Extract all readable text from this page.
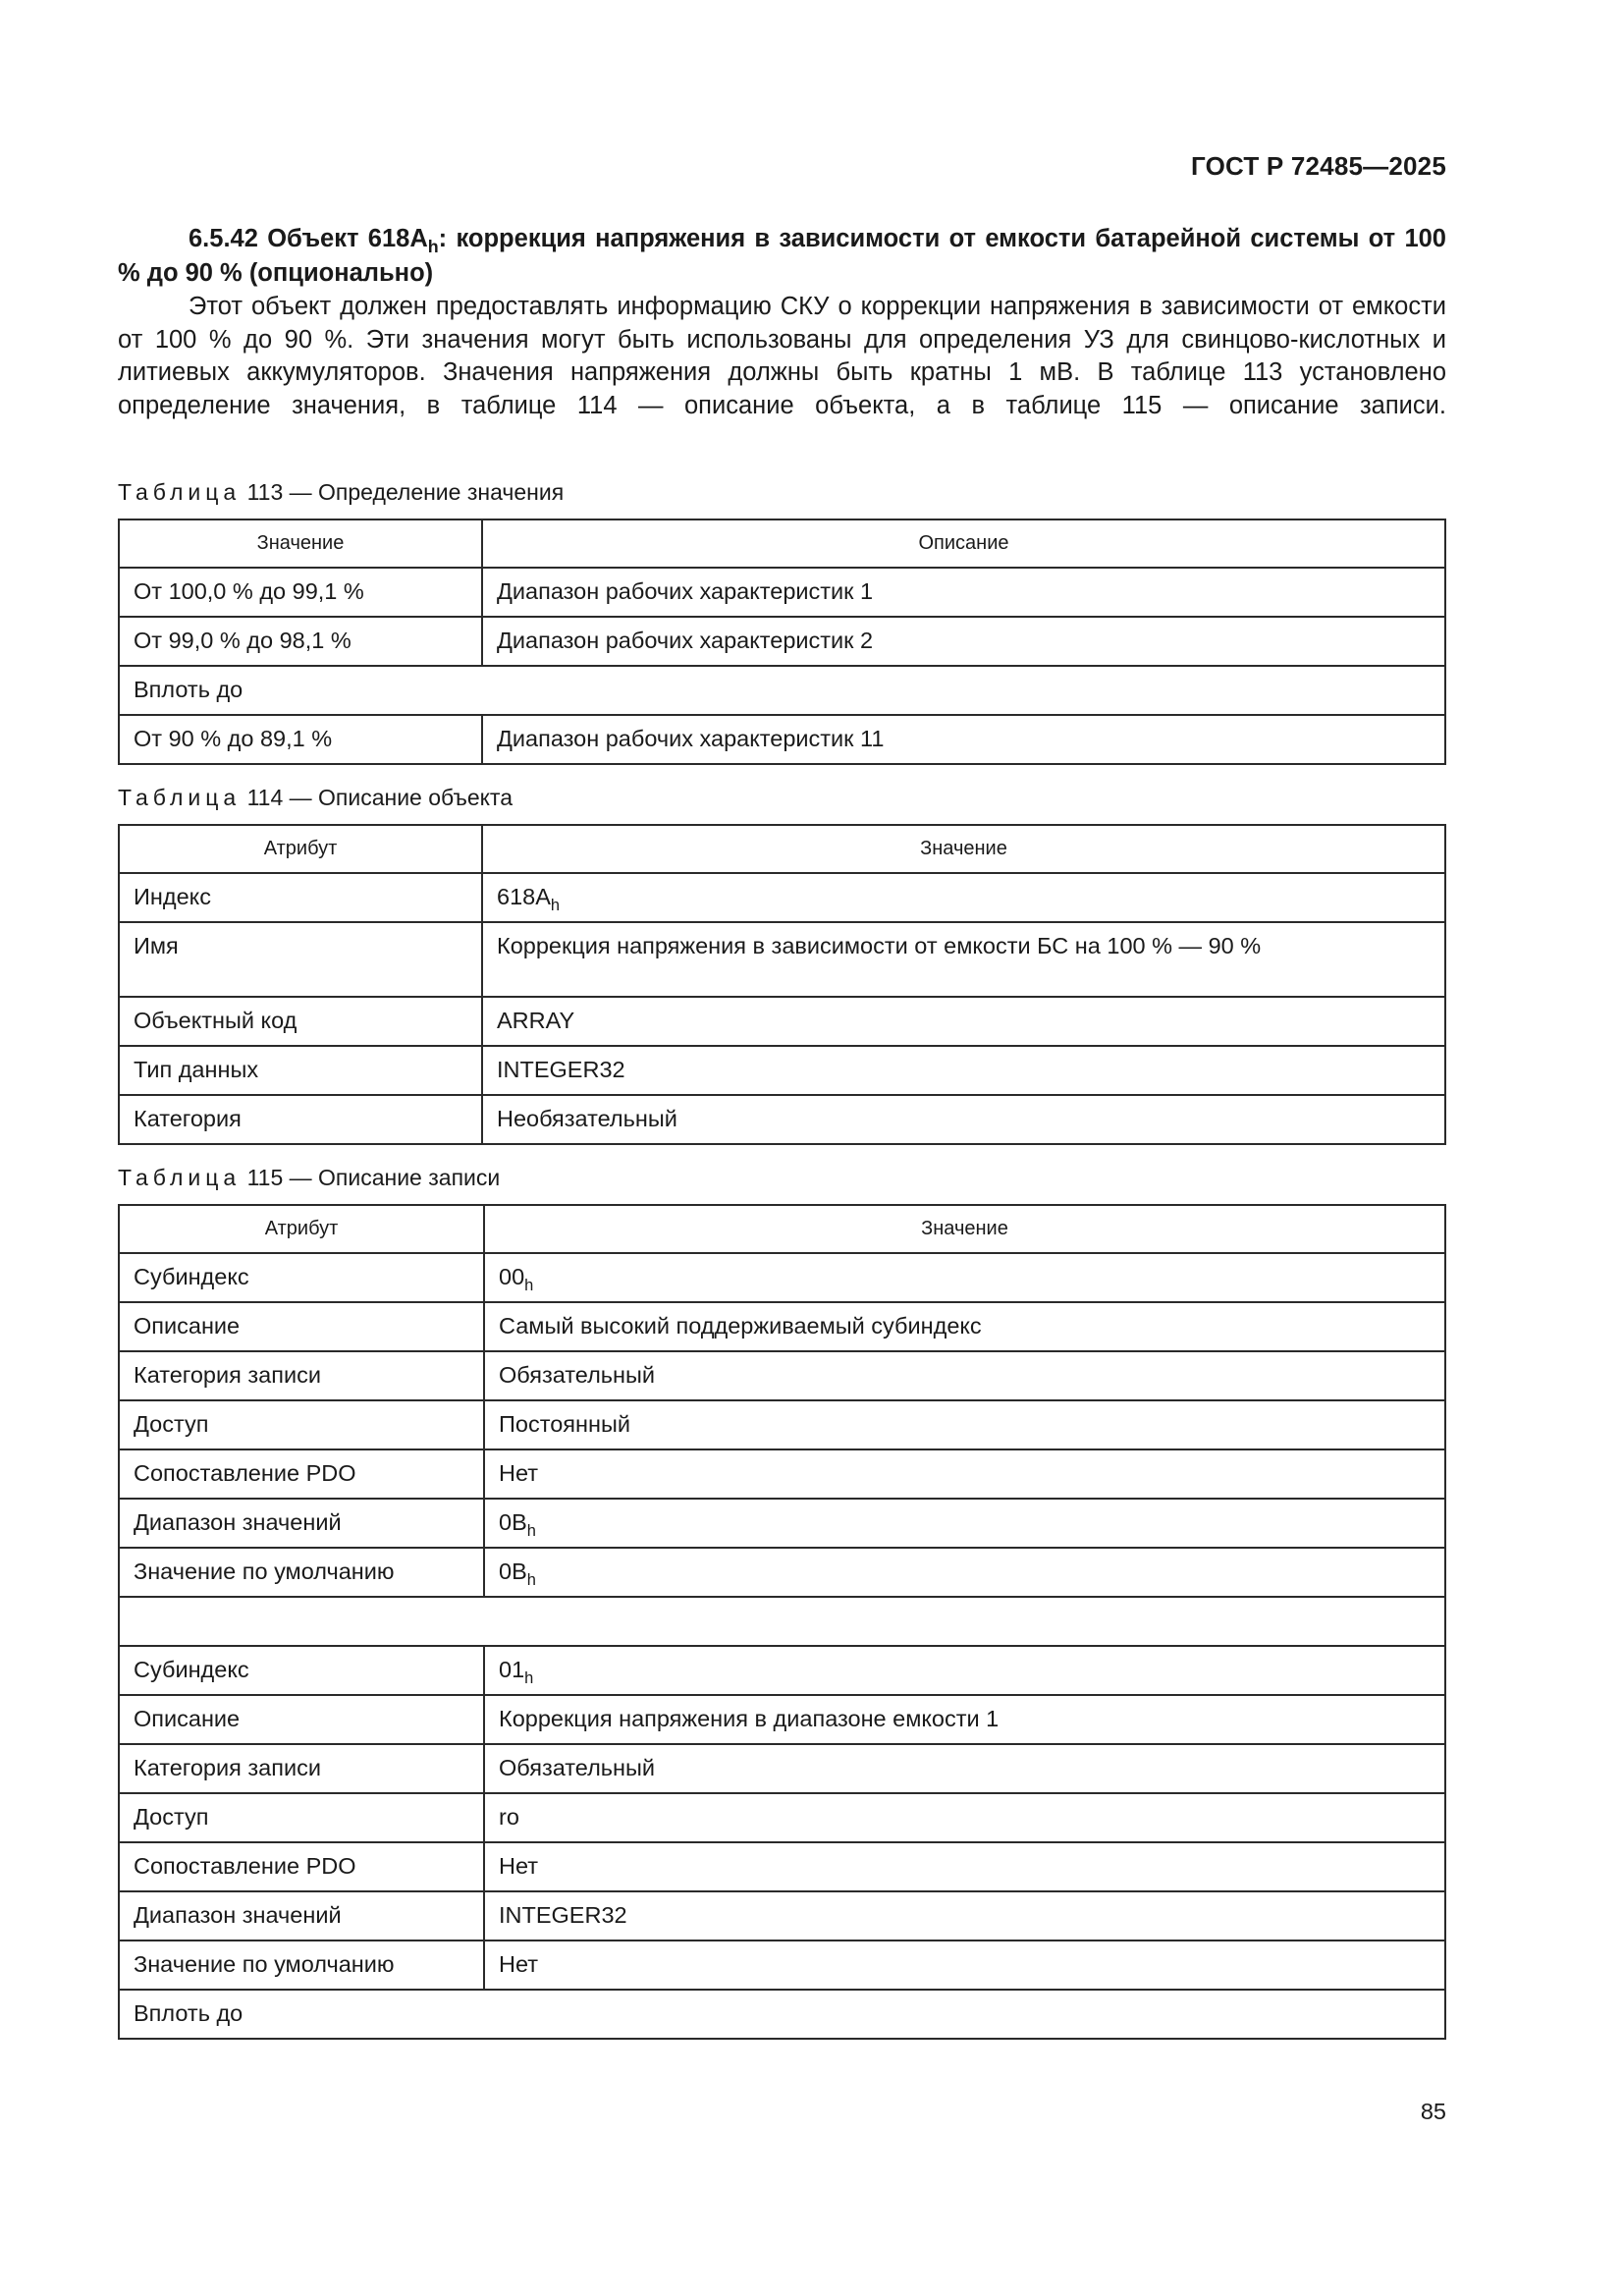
ГОСТ Р 72485—2025

6.5.42 Объект $618A_h$: коррекция напряжения в зависимости от емкости батарейной системы от 100 % до 90 % (опционально)

Этот объект должен предоставлять информацию СКУ о коррекции напряжения в зависимости от емкости от 100 % до 90 %. Эти значения могут быть использованы для определения УЗ для свинцово-кислотных и литиевых аккумуляторов. Значения напряжения должны быть кратны 1 мВ. В таблице 113 установлено определение значения, в таблице 114 — описание объекта, а в таблице 115 — описание записи.

Таблица 113 — Определение значения

Значение	Описание
От 100,0 % до 99,1 %	Диапазон рабочих характеристик 1
От 99,0 % до 98,1 %	Диапазон рабочих характеристик 2
Вплоть до	
От 90 % до 89,1 %	Диапазон рабочих характеристик 11

Таблица 114 — Описание объекта

Атрибут	Значение
Индекс	$618A_h$
Имя	Коррекция напряжения в зависимости от емкости БС на 100 % — 90 %
Объектный код	ARRAY
Тип данных	INTEGER32
Категория	Необязательный

Таблица 115 — Описание записи

Атрибут	Значение
Субиндекс	$00_h$
Описание	Самый высокий поддерживаемый субиндекс
Категория записи	Обязательный
Доступ	Постоянный
Сопоставление PDO	Нет
Диапазон значений	$0B_h$
Значение по умолчанию	$0B_h$

Субиндекс	$01_h$
Описание	Коррекция напряжения в диапазоне емкости 1
Категория записи	Обязательный
Доступ	ro
Сопоставление PDO	Нет
Диапазон значений	INTEGER32
Значение по умолчанию	Нет
Вплоть до	
85
